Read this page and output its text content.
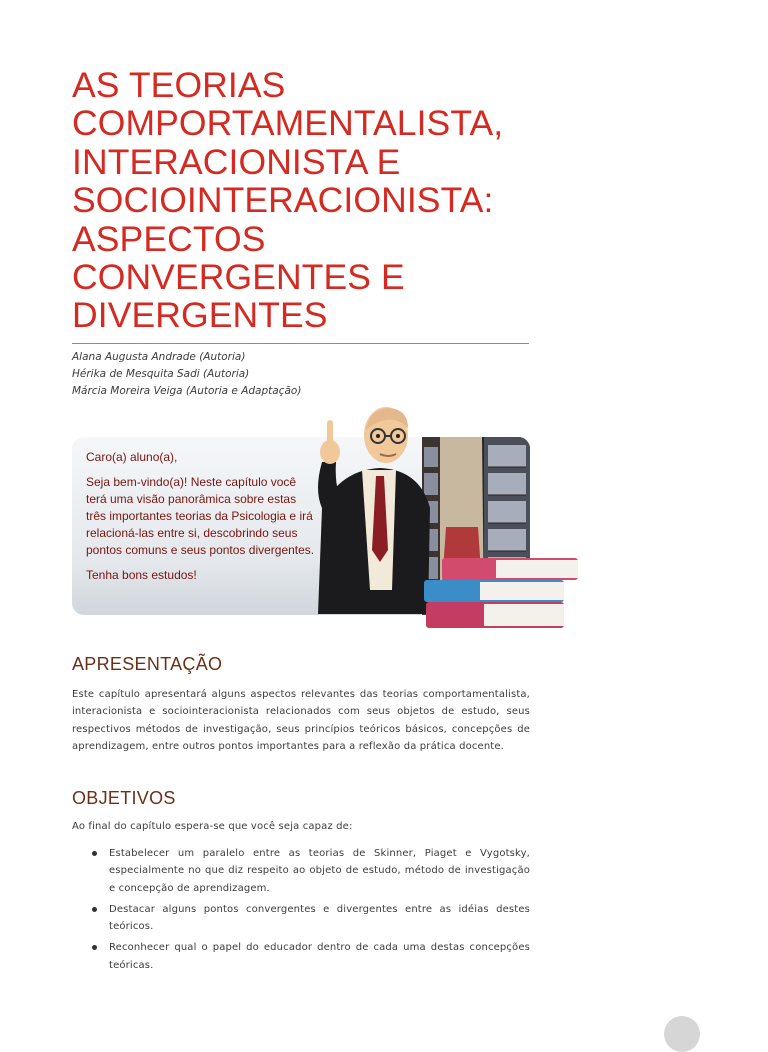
AS TEORIAS
COMPORTAMENTALISTA,
INTERACIONISTA E
SOCIOINTERACIONISTA:
ASPECTOS
CONVERGENTES E
DIVERGENTES
Alana Augusta Andrade (Autoria)
Hérika de Mesquita Sadi (Autoria)
Márcia Moreira Veiga (Autoria e Adaptação)

Caro(a) aluno(a),

Seja bem-vindo(a)! Neste capítulo você terá uma visão panorâmica sobre estas três importantes teorias da Psicologia e irá relacioná-las entre si, descobrindo seus pontos comuns e seus pontos divergentes.

Tenha bons estudos!

APRESENTAÇÃO

Este capítulo apresentará alguns aspectos relevantes das teorias comportamentalista, interacionista e sociointeracionista relacionados com seus objetos de estudo, seus respectivos métodos de investigação, seus princípios teóricos básicos, concepções de aprendizagem, entre outros pontos importantes para a reflexão da prática docente.

OBJETIVOS

Ao final do capítulo espera-se que você seja capaz de:

Estabelecer um paralelo entre as teorias de Skinner, Piaget e Vygotsky, especialmente no que diz respeito ao objeto de estudo, método de investigação e concepção de aprendizagem.
Destacar alguns pontos convergentes e divergentes entre as idéias destes teóricos.
Reconhecer qual o papel do educador dentro de cada uma destas concepções teóricas.
